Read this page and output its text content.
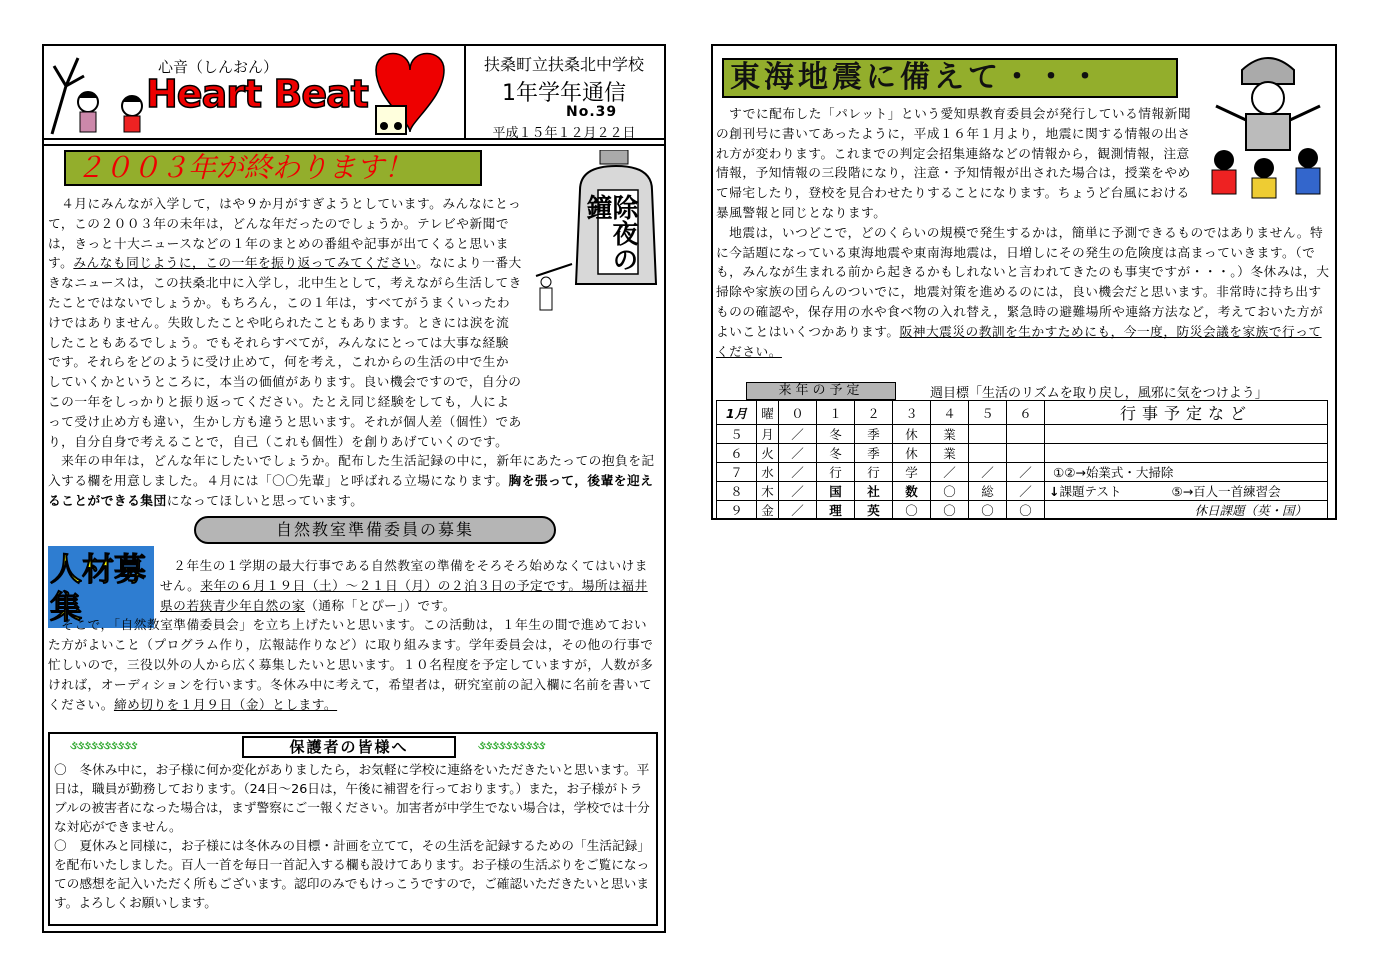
心音（しんおん）
Heart Beat
扶桑町立扶桑北中学校
1年学年通信
No.39
平成１５年１２月２２日
２００３年が終わります！
除夜の鐘
　４月にみんなが入学して，はや９か月がすぎようとしています。みんなにとって，この２００３年の未年は，どんな年だったのでしょうか。テレビや新聞では，きっと十大ニュースなどの１年のまとめの番組や記事が出てくると思います。みんなも同じように，この一年を振り返ってみてください。なにより一番大きなニュースは，この扶桑北中に入学し，北中生として，考えながら生活してきたことではないでしょうか。もちろん，この１年は，すべてがうまくいったわけではありません。失敗したことや叱られたこともあります。ときには涙を流したこともあるでしょう。でもそれらすべてが，みんなにとっては大事な経験です。それらをどのように受け止めて，何を考え，これからの生活の中で生かしていくかというところに，本当の価値があります。良い機会ですので，自分のこの一年をしっかりと振り返ってください。たとえ同じ経験をしても，人によって受け止め方も違い，生かし方も違うと思います。それが個人差（個性）であり，自分自身で考えることで，自己（これも個性）を創りあげていくのです。
　来年の申年は，どんな年にしたいでしょうか。配布した生活記録の中に，新年にあたっての抱負を記入する欄を用意しました。４月には「〇〇先輩」と呼ばれる立場になります。胸を張って，後輩を迎えることができる集団になってほしいと思っています。
自然教室準備委員の募集
人材募集
　２年生の１学期の最大行事である自然教室の準備をそろそろ始めなくてはいけません。来年の６月１９日（土）～２１日（月）の２泊３日の予定です。場所は福井県の若狭青少年自然の家（通称「とぴー」）です。
　そこで，「自然教室準備委員会」を立ち上げたいと思います。この活動は，１年生の間で進めておいた方がよいこと（プログラム作り，広報誌作りなど）に取り組みます。学年委員会は，その他の行事で忙しいので，三役以外の人から広く募集したいと思います。１０名程度を予定していますが，人数が多ければ，オーディションを行います。冬休み中に考えて，希望者は，研究室前の記入欄に名前を書いてください。締め切りを１月９日（金）とします。
ઙઙઙઙઙઙઙઙઙઙ	ઙઙઙઙઙઙઙઙઙઙ
保護者の皆様へ
〇　冬休み中に，お子様に何か変化がありましたら，お気軽に学校に連絡をいただきたいと思います。平日は，職員が勤務しております。（24日～26日は，午後に補習を行っております。）また，お子様がトラブルの被害者になった場合は，まず警察にご一報ください。加害者が中学生でない場合は，学校では十分な対応ができません。
〇　夏休みと同様に，お子様には冬休みの目標・計画を立てて，その生活を記録するための「生活記録」を配布いたしました。百人一首を毎日一首記入する欄も設けてあります。お子様の生活ぶりをご覧になっての感想を記入いただく所もございます。認印のみでもけっこうですので，ご確認いただきたいと思います。よろしくお願いします。
東海地震に備えて・・・
　すでに配布した「パレット」という愛知県教育委員会が発行している情報新聞の創刊号に書いてあったように，平成１６年１月より，地震に関する情報の出され方が変わります。これまでの判定会招集連絡などの情報から，観測情報，注意情報，予知情報の三段階になり，注意・予知情報が出された場合は，授業をやめて帰宅したり，登校を見合わせたりすることになります。ちょうど台風における暴風警報と同じとなります。
　地震は，いつどこで，どのくらいの規模で発生するかは，簡単に予測できるものではありません。特に今話題になっている東海地震や東南海地震は，日増しにその発生の危険度は高まっていきます。（でも，みんなが生まれる前から起きるかもしれないと言われてきたのも事実ですが・・・。）冬休みは，大掃除や家族の団らんのついでに，地震対策を進めるのには，良い機会だと思います。非常時に持ち出すものの確認や，保存用の水や食べ物の入れ替え，緊急時の避難場所や連絡方法など，考えておいた方がよいことはいくつかあります。阪神大震災の教訓を生かすためにも，今一度，防災会議を家族で行ってください。
来年の予定	週目標「生活のリズムを取り戻し，風邪に気をつけよう」
1月	曜	０	１	２	３	４	５	６	行事予定など
５	月	／	冬	季	休	業			
６	火	／	冬	季	休	業			
７	水	／	行	行	学	／	／	／	①②→始業式・大掃除
８	木	／	国	社	数	〇	総	／	↓課題テスト　　　　⑤→百人一首練習会
９	金	／	理	英	〇	〇	〇	〇	休日課題（英・国）
